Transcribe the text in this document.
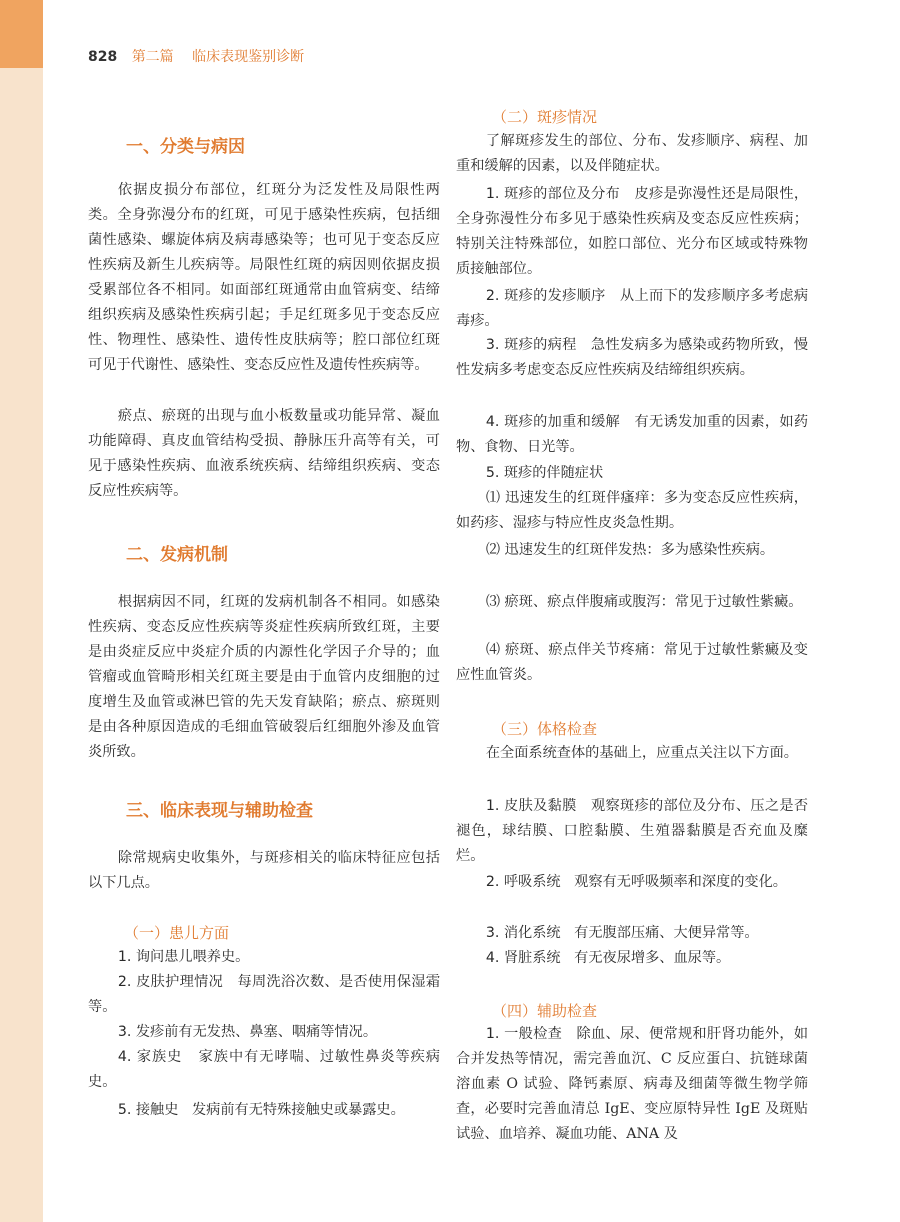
828 第二篇 临床表现鉴别诊断
一、分类与病因
依据皮损分布部位，红斑分为泛发性及局限性两类。全身弥漫分布的红斑，可见于感染性疾病，包括细菌性感染、螺旋体病及病毒感染等；也可见于变态反应性疾病及新生儿疾病等。局限性红斑的病因则依据皮损受累部位各不相同。如面部红斑通常由血管病变、结缔组织疾病及感染性疾病引起；手足红斑多见于变态反应性、物理性、感染性、遗传性皮肤病等；腔口部位红斑可见于代谢性、感染性、变态反应性及遗传性疾病等。
瘀点、瘀斑的出现与血小板数量或功能异常、凝血功能障碍、真皮血管结构受损、静脉压升高等有关，可见于感染性疾病、血液系统疾病、结缔组织疾病、变态反应性疾病等。
二、发病机制
根据病因不同，红斑的发病机制各不相同。如感染性疾病、变态反应性疾病等炎症性疾病所致红斑，主要是由炎症反应中炎症介质的内源性化学因子介导的；血管瘤或血管畸形相关红斑主要是由于血管内皮细胞的过度增生及血管或淋巴管的先天发育缺陷；瘀点、瘀斑则是由各种原因造成的毛细血管破裂后红细胞外渗及血管炎所致。
三、临床表现与辅助检查
除常规病史收集外，与斑疹相关的临床特征应包括以下几点。
（一）患儿方面
1. 询问患儿喂养史。
2. 皮肤护理情况 每周洗浴次数、是否使用保湿霜等。
3. 发疹前有无发热、鼻塞、咽痛等情况。
4. 家族史 家族中有无哮喘、过敏性鼻炎等疾病史。
5. 接触史 发病前有无特殊接触史或暴露史。
（二）斑疹情况
了解斑疹发生的部位、分布、发疹顺序、病程、加重和缓解的因素，以及伴随症状。
1. 斑疹的部位及分布 皮疹是弥漫性还是局限性，全身弥漫性分布多见于感染性疾病及变态反应性疾病；特别关注特殊部位，如腔口部位、光分布区域或特殊物质接触部位。
2. 斑疹的发疹顺序 从上而下的发疹顺序多考虑病毒疹。
3. 斑疹的病程 急性发病多为感染或药物所致，慢性发病多考虑变态反应性疾病及结缔组织疾病。
4. 斑疹的加重和缓解 有无诱发加重的因素，如药物、食物、日光等。
5. 斑疹的伴随症状
⑴ 迅速发生的红斑伴瘙痒：多为变态反应性疾病，如药疹、湿疹与特应性皮炎急性期。
⑵ 迅速发生的红斑伴发热：多为感染性疾病。
⑶ 瘀斑、瘀点伴腹痛或腹泻：常见于过敏性紫癜。
⑷ 瘀斑、瘀点伴关节疼痛：常见于过敏性紫癜及变应性血管炎。
（三）体格检查
在全面系统查体的基础上，应重点关注以下方面。
1. 皮肤及黏膜 观察斑疹的部位及分布、压之是否褪色，球结膜、口腔黏膜、生殖器黏膜是否充血及糜烂。
2. 呼吸系统 观察有无呼吸频率和深度的变化。
3. 消化系统 有无腹部压痛、大便异常等。
4. 肾脏系统 有无夜尿增多、血尿等。
（四）辅助检查
1. 一般检查 除血、尿、便常规和肝肾功能外，如合并发热等情况，需完善血沉、C 反应蛋白、抗链球菌溶血素 O 试验、降钙素原、病毒及细菌等微生物学筛查，必要时完善血清总 IgE、变应原特异性 IgE 及斑贴试验、血培养、凝血功能、ANA 及
